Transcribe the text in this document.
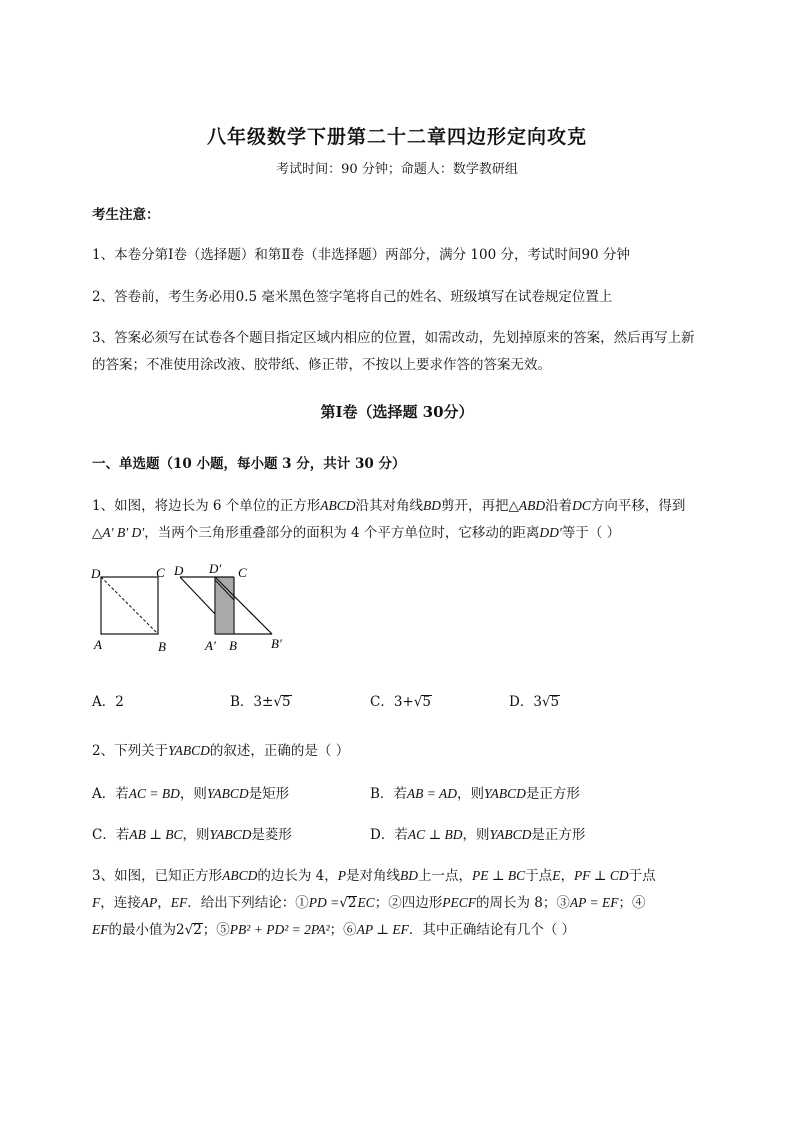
八年级数学下册第二十二章四边形定向攻克
考试时间：90 分钟；命题人：数学教研组
考生注意：
1、本卷分第Ⅰ卷（选择题）和第Ⅱ卷（非选择题）两部分，满分 100 分，考试时间90 分钟
2、答卷前，考生务必用0.5 毫米黑色签字笔将自己的姓名、班级填写在试卷规定位置上
3、答案必须写在试卷各个题目指定区域内相应的位置，如需改动，先划掉原来的答案，然后再写上新
的答案；不准使用涂改液、胶带纸、修正带，不按以上要求作答的答案无效。
第Ⅰ卷（选择题 30分）
一、单选题（10 小题，每小题 3 分，共计 30 分）
1、如图，将边长为 6 个单位的正方形ABCD沿其对角线BD剪开，再把△ABD沿着DC方向平移，得到
△A′ B′ D′，当两个三角形重叠部分的面积为 4 个平方单位时，它移动的距离DD′等于（ ）
D	C
A	B
D D′ C
A′ B	B′
A．2	B．3±√5	C．3+√5	D．3√5
2、下列关于YABCD的叙述，正确的是（ ）
A．若AC = BD，则YABCD是矩形	B．若AB = AD，则YABCD是正方形
C．若AB ⊥ BC，则YABCD是菱形	D．若AC ⊥ BD，则YABCD是正方形
3、如图，已知正方形ABCD的边长为 4，P是对角线BD上一点，PE ⊥ BC于点E，PF ⊥ CD于点
F，连接AP，EF．给出下列结论：①PD =√2EC；②四边形PECF的周长为 8；③AP = EF；④
EF的最小值为2√2；⑤PB² + PD² = 2PA²；⑥AP ⊥ EF．其中正确结论有几个（ ）
